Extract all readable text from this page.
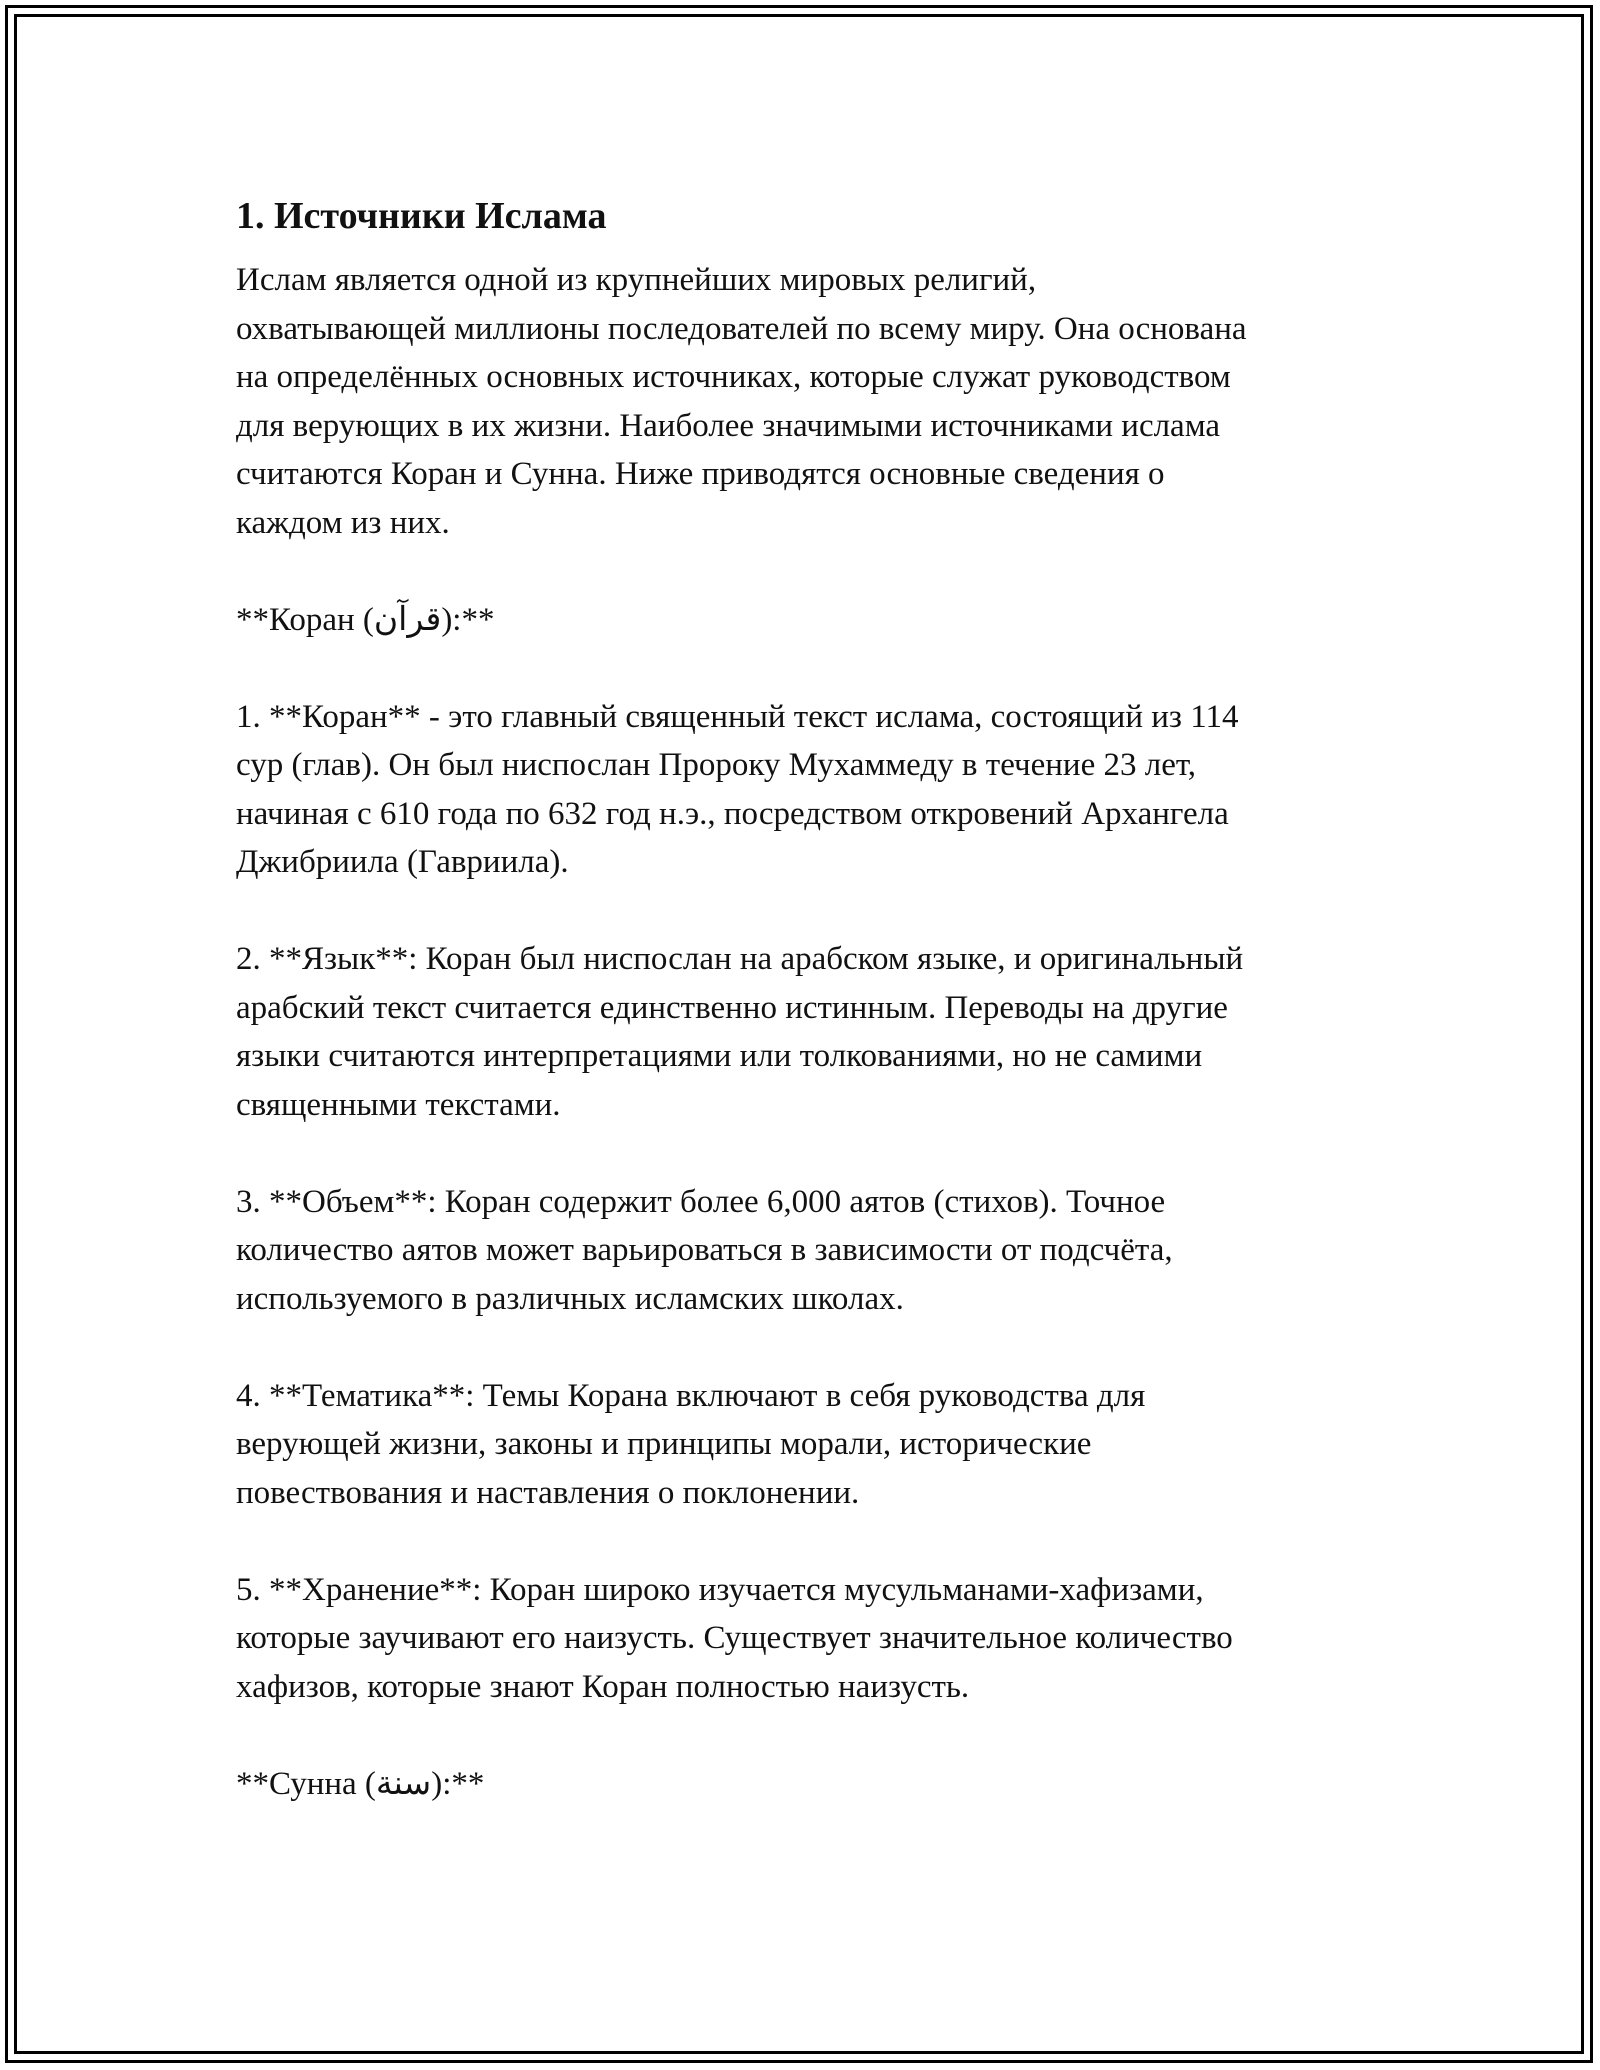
1. Источники Ислама

Ислам является одной из крупнейших мировых религий,
охватывающей миллионы последователей по всему миру. Она основана
на определённых основных источниках, которые служат руководством
для верующих в их жизни. Наиболее значимыми источниками ислама
считаются Коран и Сунна. Ниже приводятся основные сведения о
каждом из них.

**Коран (قرآن):**

1. **Коран** - это главный священный текст ислама, состоящий из 114
сур (глав). Он был ниспослан Пророку Мухаммеду в течение 23 лет,
начиная с 610 года по 632 год н.э., посредством откровений Архангела
Джибриила (Гавриила).

2. **Язык**: Коран был ниспослан на арабском языке, и оригинальный
арабский текст считается единственно истинным. Переводы на другие
языки считаются интерпретациями или толкованиями, но не самими
священными текстами.

3. **Объем**: Коран содержит более 6,000 аятов (стихов). Точное
количество аятов может варьироваться в зависимости от подсчёта,
используемого в различных исламских школах.

4. **Тематика**: Темы Корана включают в себя руководства для
верующей жизни, законы и принципы морали, исторические
повествования и наставления о поклонении.

5. **Хранение**: Коран широко изучается мусульманами-хафизами,
которые заучивают его наизусть. Существует значительное количество
хафизов, которые знают Коран полностью наизусть.

**Сунна (سنة):**
